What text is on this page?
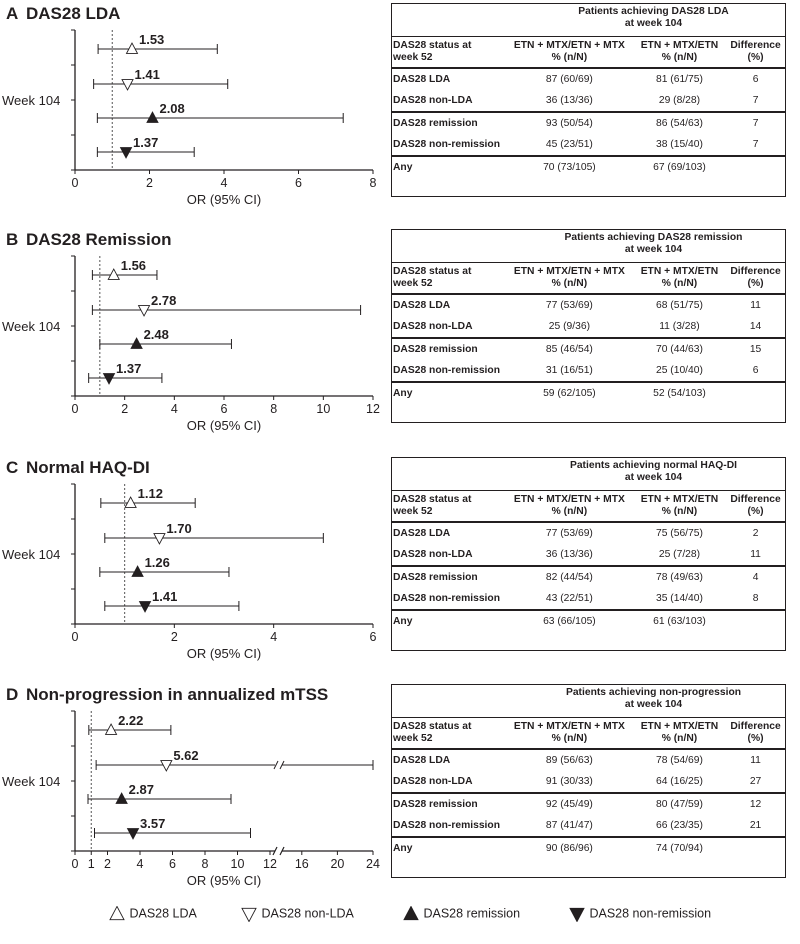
A DAS28 LDA
0	2	4	6	8
OR (95% CI)
Week 104
1.53
1.41
2.08
1.37
Patients achieving DAS28 LDA
at week 104			
DAS28 status at
week 52	ETN + MTX/ETN + MTX
% (n/N)	ETN + MTX/ETN
% (n/N)	Difference
(%)
DAS28 LDA	87 (60/69)	81 (61/75)	6
DAS28 non-LDA	36 (13/36)	29 (8/28)	7
DAS28 remission	93 (50/54)	86 (54/63)	7
DAS28 non-remission	45 (23/51)	38 (15/40)	7
Any	70 (73/105)	67 (69/103)	
B DAS28 Remission
0	2	4	6	8	10	12
OR (95% CI)
Week 104
1.56
2.78
2.48
1.37
Patients achieving DAS28 remission
at week 104			
DAS28 status at
week 52	ETN + MTX/ETN + MTX
% (n/N)	ETN + MTX/ETN
% (n/N)	Difference
(%)
DAS28 LDA	77 (53/69)	68 (51/75)	11
DAS28 non-LDA	25 (9/36)	11 (3/28)	14
DAS28 remission	85 (46/54)	70 (44/63)	15
DAS28 non-remission	31 (16/51)	25 (10/40)	6
Any	59 (62/105)	52 (54/103)	
C Normal HAQ-DI
0	2	4	6
OR (95% CI)
Week 104
1.12
1.70
1.26
1.41
Patients achieving normal HAQ-DI
at week 104			
DAS28 status at
week 52	ETN + MTX/ETN + MTX
% (n/N)	ETN + MTX/ETN
% (n/N)	Difference
(%)
DAS28 LDA	77 (53/69)	75 (56/75)	2
DAS28 non-LDA	36 (13/36)	25 (7/28)	11
DAS28 remission	82 (44/54)	78 (49/63)	4
DAS28 non-remission	43 (22/51)	35 (14/40)	8
Any	63 (66/105)	61 (63/103)	
D Non-progression in annualized mTSS
0 1 2 4 6 8 10 12 16 20 24
OR (95% CI)
Week 104
2.22
5.62
2.87
3.57
Patients achieving non-progression
at week 104			
DAS28 status at
week 52	ETN + MTX/ETN + MTX
% (n/N)	ETN + MTX/ETN
% (n/N)	Difference
(%)
DAS28 LDA	89 (56/63)	78 (54/69)	11
DAS28 non-LDA	91 (30/33)	64 (16/25)	27
DAS28 remission	92 (45/49)	80 (47/59)	12
DAS28 non-remission	87 (41/47)	66 (23/35)	21
Any	90 (86/96)	74 (70/94)	
DAS28 LDA	DAS28 non-LDA	DAS28 remission	DAS28 non-remission
